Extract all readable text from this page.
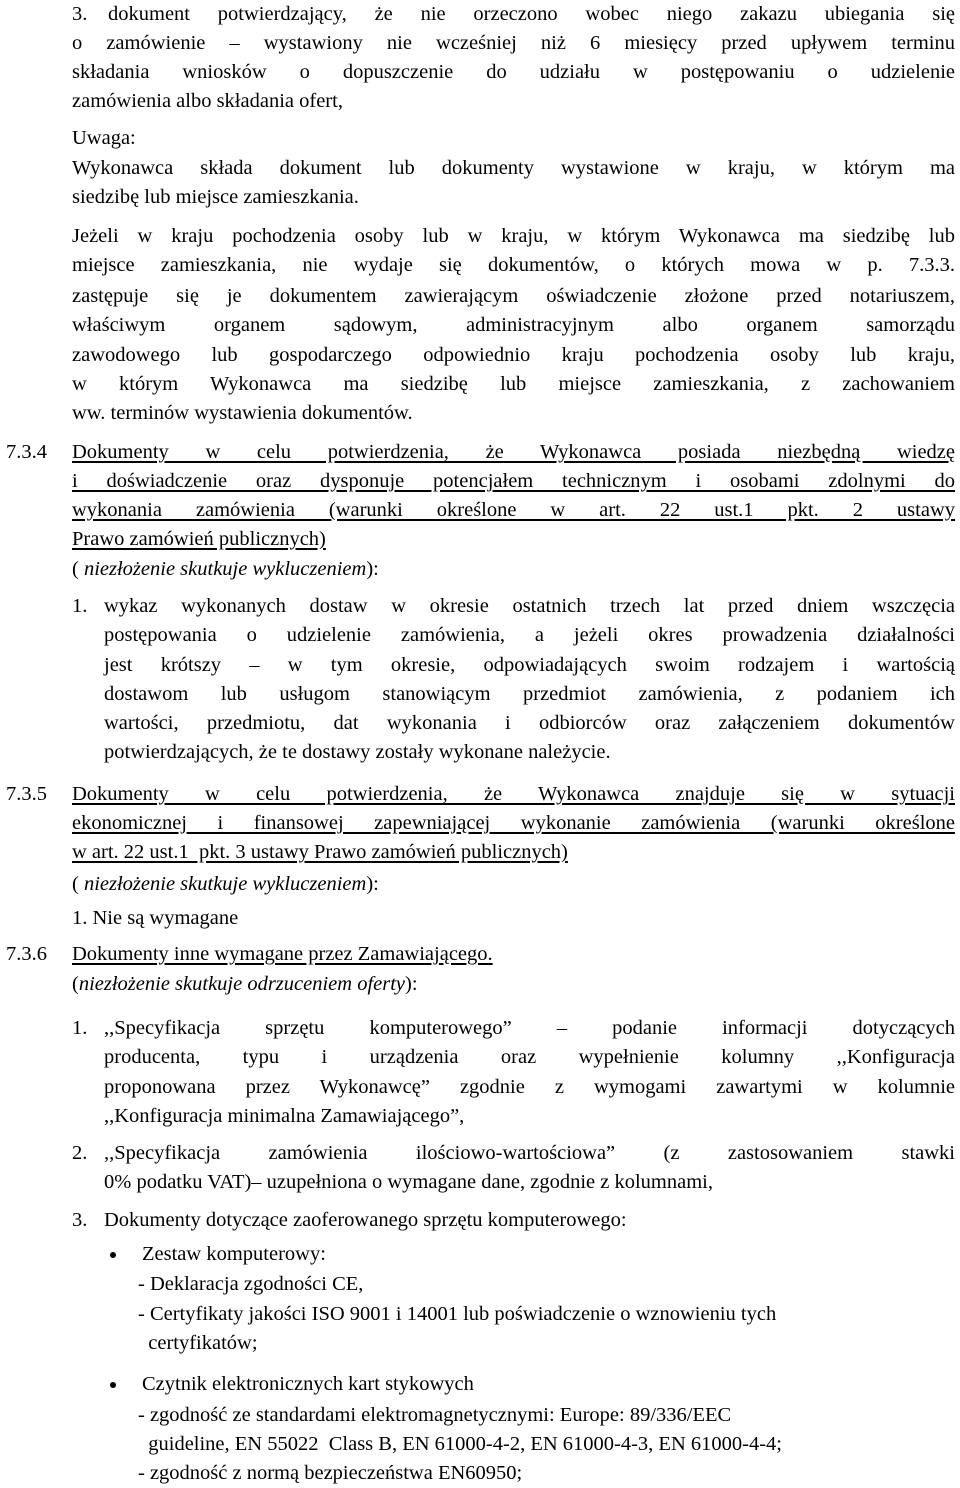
3. dokument potwierdzający, że nie orzeczono wobec niego zakazu ubiegania się
o zamówienie – wystawiony nie wcześniej niż 6 miesięcy przed upływem terminu
składania wniosków o dopuszczenie do udziału w postępowaniu o udzielenie
zamówienia albo składania ofert,
Uwaga:
Wykonawca składa dokument lub dokumenty wystawione w kraju, w którym ma
siedzibę lub miejsce zamieszkania.
Jeżeli w kraju pochodzenia osoby lub w kraju, w którym Wykonawca ma siedzibę lub
miejsce zamieszkania, nie wydaje się dokumentów, o których mowa w p. 7.3.3.
zastępuje się je dokumentem zawierającym oświadczenie złożone przed notariuszem,
właściwym organem sądowym, administracyjnym albo organem samorządu
zawodowego lub gospodarczego odpowiednio kraju pochodzenia osoby lub kraju,
w którym Wykonawca ma siedzibę lub miejsce zamieszkania, z zachowaniem
ww. terminów wystawienia dokumentów.
7.3.4 Dokumenty w celu potwierdzenia, że Wykonawca posiada niezbędną wiedzę
i doświadczenie oraz dysponuje potencjałem technicznym i osobami zdolnymi do
wykonania zamówienia (warunki określone w art. 22 ust.1 pkt. 2 ustawy
Prawo zamówień publicznych)
( niezłożenie skutkuje wykluczeniem):
1. wykaz wykonanych dostaw w okresie ostatnich trzech lat przed dniem wszczęcia
postępowania o udzielenie zamówienia, a jeżeli okres prowadzenia działalności
jest krótszy – w tym okresie, odpowiadających swoim rodzajem i wartością
dostawom lub usługom stanowiącym przedmiot zamówienia, z podaniem ich
wartości, przedmiotu, dat wykonania i odbiorców oraz załączeniem dokumentów
potwierdzających, że te dostawy zostały wykonane należycie.
7.3.5 Dokumenty w celu potwierdzenia, że Wykonawca znajduje się w sytuacji
ekonomicznej i finansowej zapewniającej wykonanie zamówienia (warunki określone
w art. 22 ust.1  pkt. 3 ustawy Prawo zamówień publicznych)
( niezłożenie skutkuje wykluczeniem):
1. Nie są wymagane
7.3.6 Dokumenty inne wymagane przez Zamawiającego.
(niezłożenie skutkuje odrzuceniem oferty):
1. ,,Specyfikacja sprzętu komputerowego” – podanie informacji dotyczących
producenta, typu i urządzenia oraz wypełnienie kolumny ,,Konfiguracja
proponowana przez Wykonawcę” zgodnie z wymogami zawartymi w kolumnie
,,Konfiguracja minimalna Zamawiającego”,
2. ,,Specyfikacja zamówienia ilościowo-wartościowa” (z zastosowaniem stawki
0% podatku VAT)– uzupełniona o wymagane dane, zgodnie z kolumnami,
3. Dokumenty dotyczące zaoferowanego sprzętu komputerowego:
Zestaw komputerowy:
- Deklaracja zgodności CE,
- Certyfikaty jakości ISO 9001 i 14001 lub poświadczenie o wznowieniu tych
certyfikatów;
Czytnik elektronicznych kart stykowych
- zgodność ze standardami elektromagnetycznymi: Europe: 89/336/EEC
guideline, EN 55022  Class B, EN 61000-4-2, EN 61000-4-3, EN 61000-4-4;
- zgodność z normą bezpieczeństwa EN60950;
